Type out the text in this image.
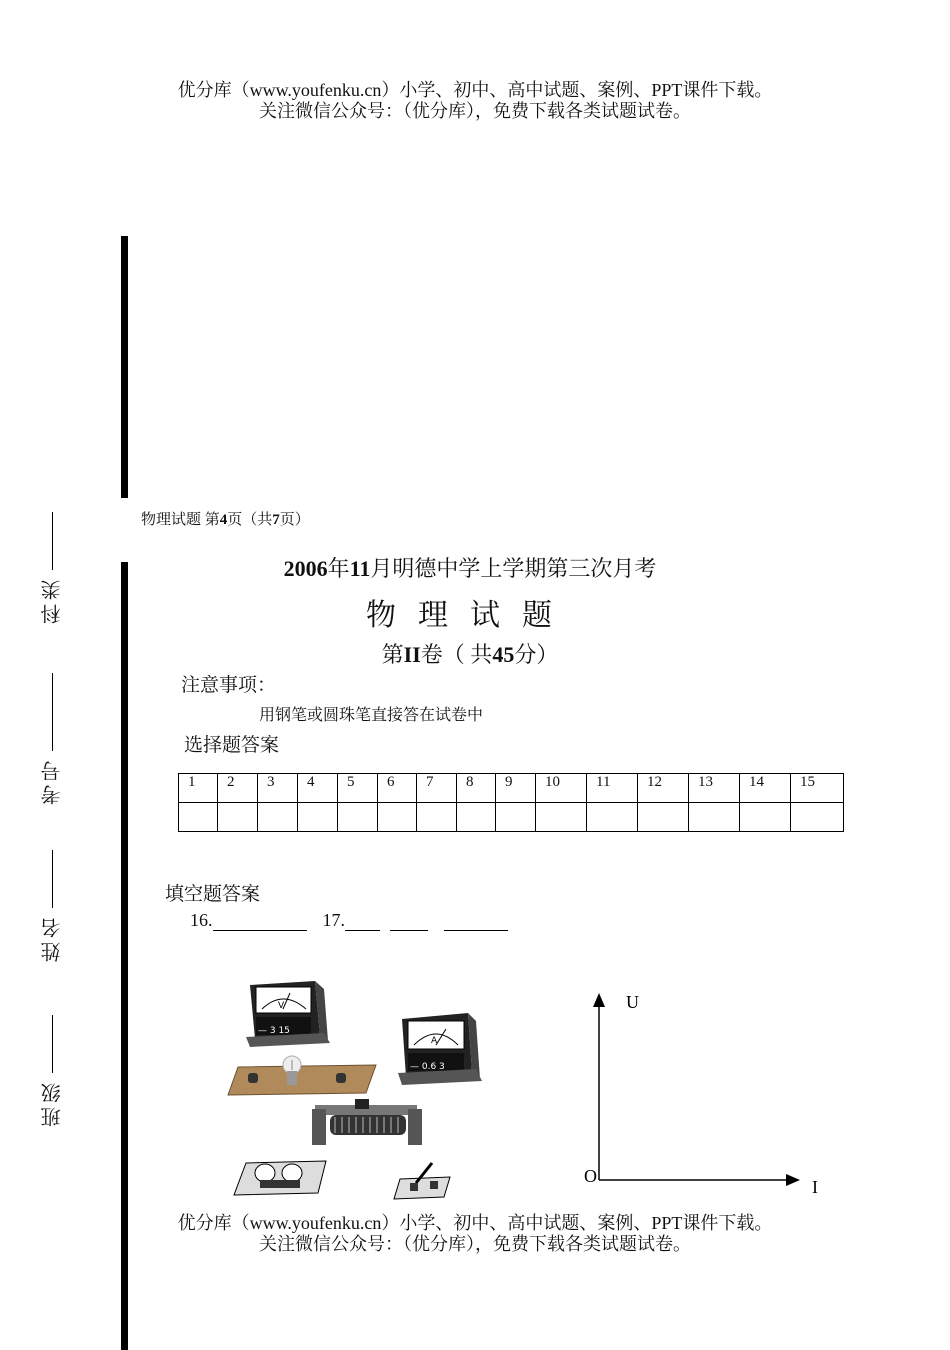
优分库（www.youfenku.cn）小学、初中、高中试题、案例、PPT课件下载。
关注微信公众号：（优分库），免费下载各类试题试卷。
科类
考号
姓名
班级
物理试题 第4页（共7页）
2006年11月明德中学上学期第三次月考
物理试题
第II卷（ 共45分）
注意事项：
用钢笔或圆珠笔直接答在试卷中
选择题答案
1	2	3	4	5	6	7	8	9	10	11	12	13	14	15

填空题答案
16.	17.
V
— 3 15
A
— 0.6 3
U
I
O
优分库（www.youfenku.cn）小学、初中、高中试题、案例、PPT课件下载。
关注微信公众号：（优分库），免费下载各类试题试卷。
